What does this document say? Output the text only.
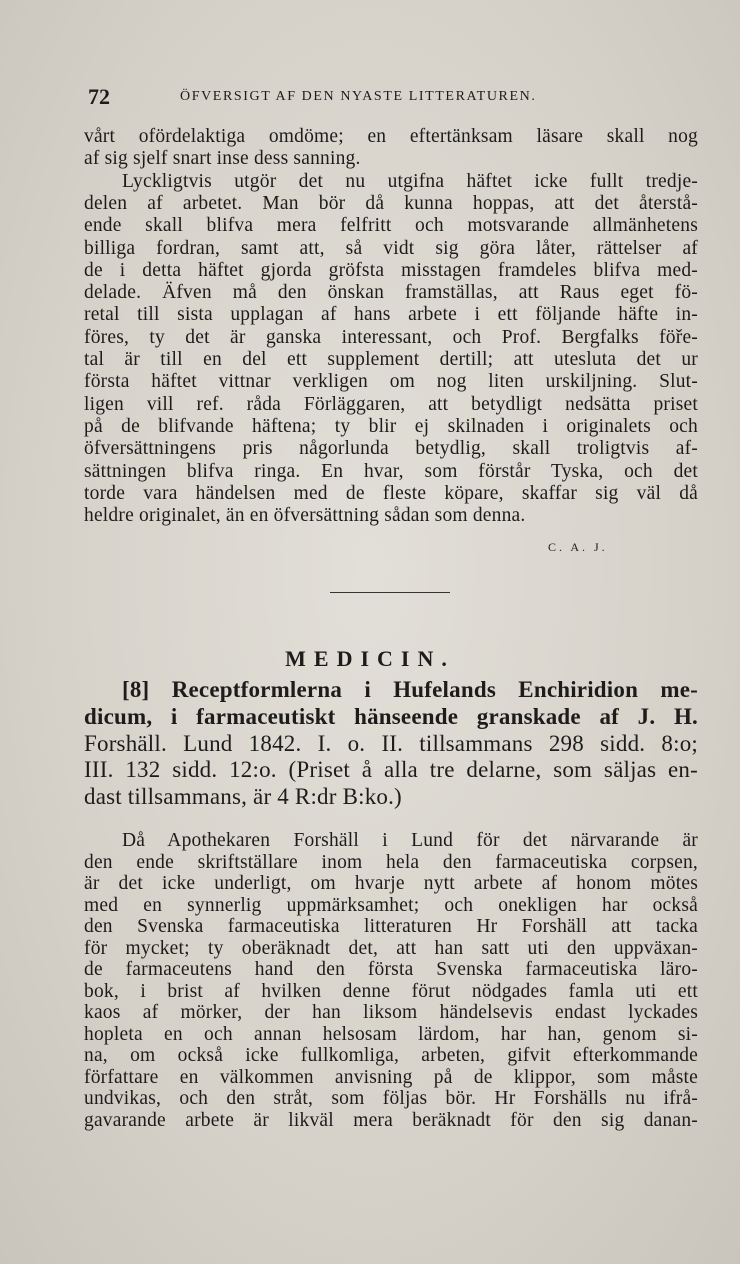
72	ÖFVERSIGT AF DEN NYASTE LITTERATUREN.
vårt ofördelaktiga omdöme; en eftertänksam läsare skall nog
af sig sjelf snart inse dess sanning.
Lyckligtvis utgör det nu utgifna häftet icke fullt tredje-
delen af arbetet. Man bör då kunna hoppas, att det återstå-
ende skall blifva mera felfritt och motsvarande allmänhetens
billiga fordran, samt att, så vidt sig göra låter, rättelser af
de i detta häftet gjorda gröfsta misstagen framdeles blifva med-
delade. Äfven må den önskan framställas, att Raus eget fö-
retal till sista upplagan af hans arbete i ett följande häfte in-
föres, ty det är ganska interessant, och Prof. Bergfalks föře-
tal är till en del ett supplement dertill; att utesluta det ur
första häftet vittnar verkligen om nog liten urskiljning. Slut-
ligen vill ref. råda Förläggaren, att betydligt nedsätta priset
på de blifvande häftena; ty blir ej skilnaden i originalets och
öfversättningens pris någorlunda betydlig, skall troligtvis af-
sättningen blifva ringa. En hvar, som förstår Tyska, och det
torde vara händelsen med de fleste köpare, skaffar sig väl då
heldre originalet, än en öfversättning sådan som denna.
C. A. J.
MEDICIN.
[8] Receptformlerna i Hufelands Enchiridion me-
dicum, i farmaceutiskt hänseende granskade af J. H.
Forshäll. Lund 1842. I. o. II. tillsammans 298 sidd. 8:o;
III. 132 sidd. 12:o. (Priset å alla tre delarne, som säljas en-
dast tillsammans, är 4 R:dr B:ko.)
Då Apothekaren Forshäll i Lund för det närvarande är
den ende skriftställare inom hela den farmaceutiska corpsen,
är det icke underligt, om hvarje nytt arbete af honom mötes
med en synnerlig uppmärksamhet; och onekligen har också
den Svenska farmaceutiska litteraturen Hr Forshäll att tacka
för mycket; ty oberäknadt det, att han satt uti den uppväxan-
de farmaceutens hand den första Svenska farmaceutiska läro-
bok, i brist af hvilken denne förut nödgades famla uti ett
kaos af mörker, der han liksom händelsevis endast lyckades
hopleta en och annan helsosam lärdom, har han, genom si-
na, om också icke fullkomliga, arbeten, gifvit efterkommande
författare en välkommen anvisning på de klippor, som måste
undvikas, och den stråt, som följas bör. Hr Forshälls nu ifrå-
gavarande arbete är likväl mera beräknadt för den sig danan-
